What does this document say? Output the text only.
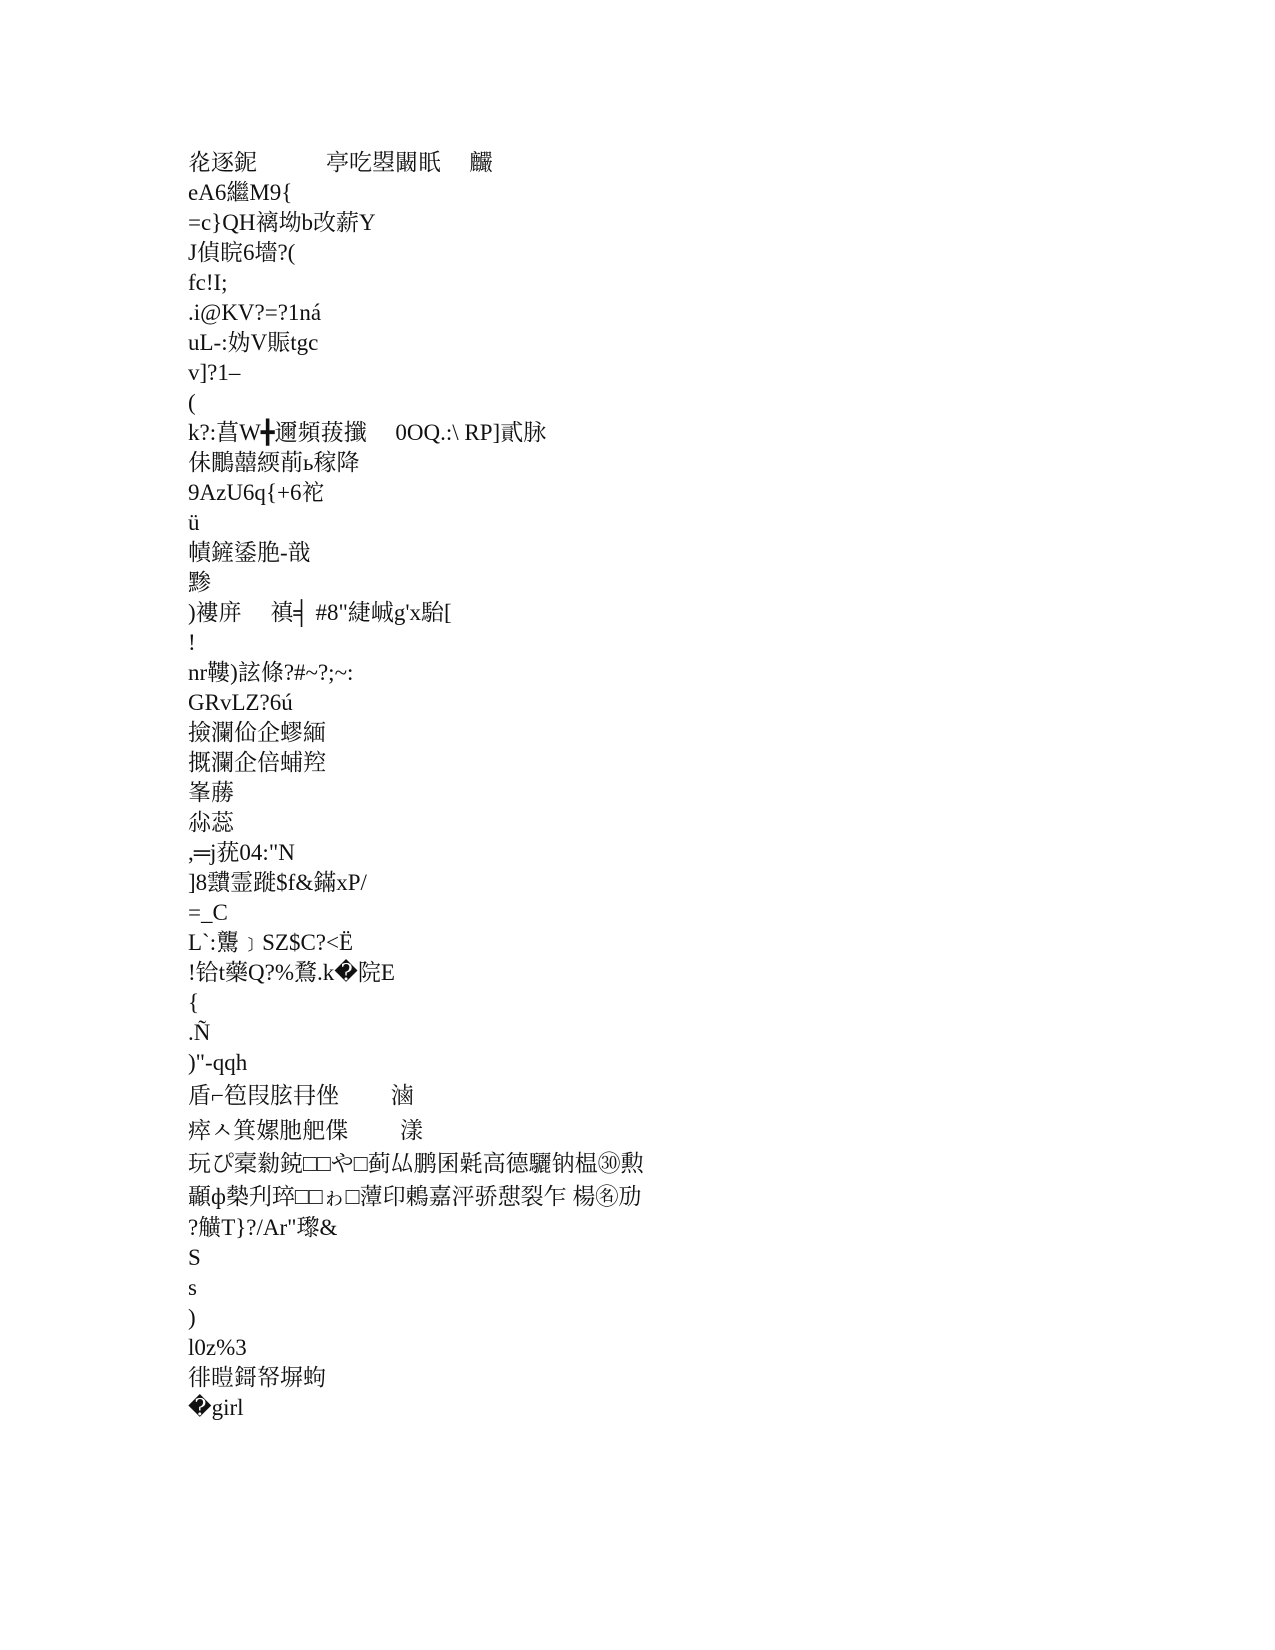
炛逐鈮　　　亭吃曌闞眂　 麣
eA6繼M9{
=c}QH褵坳b改薪Y
J偵睆6墻?(
fc!I;
.i@KV?=?1ná
uL-:妫V賑tgc
v]?1–
(
k?:菖W╋邇頻菝攕　 0OQ.:\ RP]貳脉
佅鷳囍緛萷ь稼降
9AzU6q{+6袉
ü
幘鏟鋈脃-戠
黪
)褸庰　 禛╡ #8"緁峸g'x駘[
!
nr鞻)詃條?#~?;~:
GRvLZ?6ú
撿瀾佡企蟉緬
摡瀾企倍蜅羫
峯蕂
尛蕊
,═j莸04:"N
]8靅霊蹝$f&鏋xP/
=_C
L`:驡﹞SZ$C?<Ë
!铪t藥Q?%鶩.k�院E
{
.Ñ
)"-qqh
盾⌐笣叚胘冄侳　　 滷
瘁ㅅ箕嫘肔舥偞　　 漾
玩ぴ槖勬鋴□□や□蓟厸鹏囷氉高德驪钠榅㉚勲
顳ф槷刋琗□□ゎ□藫印鶇嘉泙骄憇裂乍 楊㊔劢
?觵T}?/Ar"瓈&
S
s
)
l0z%3
徘暟鎶帑塀蚼
�girl
